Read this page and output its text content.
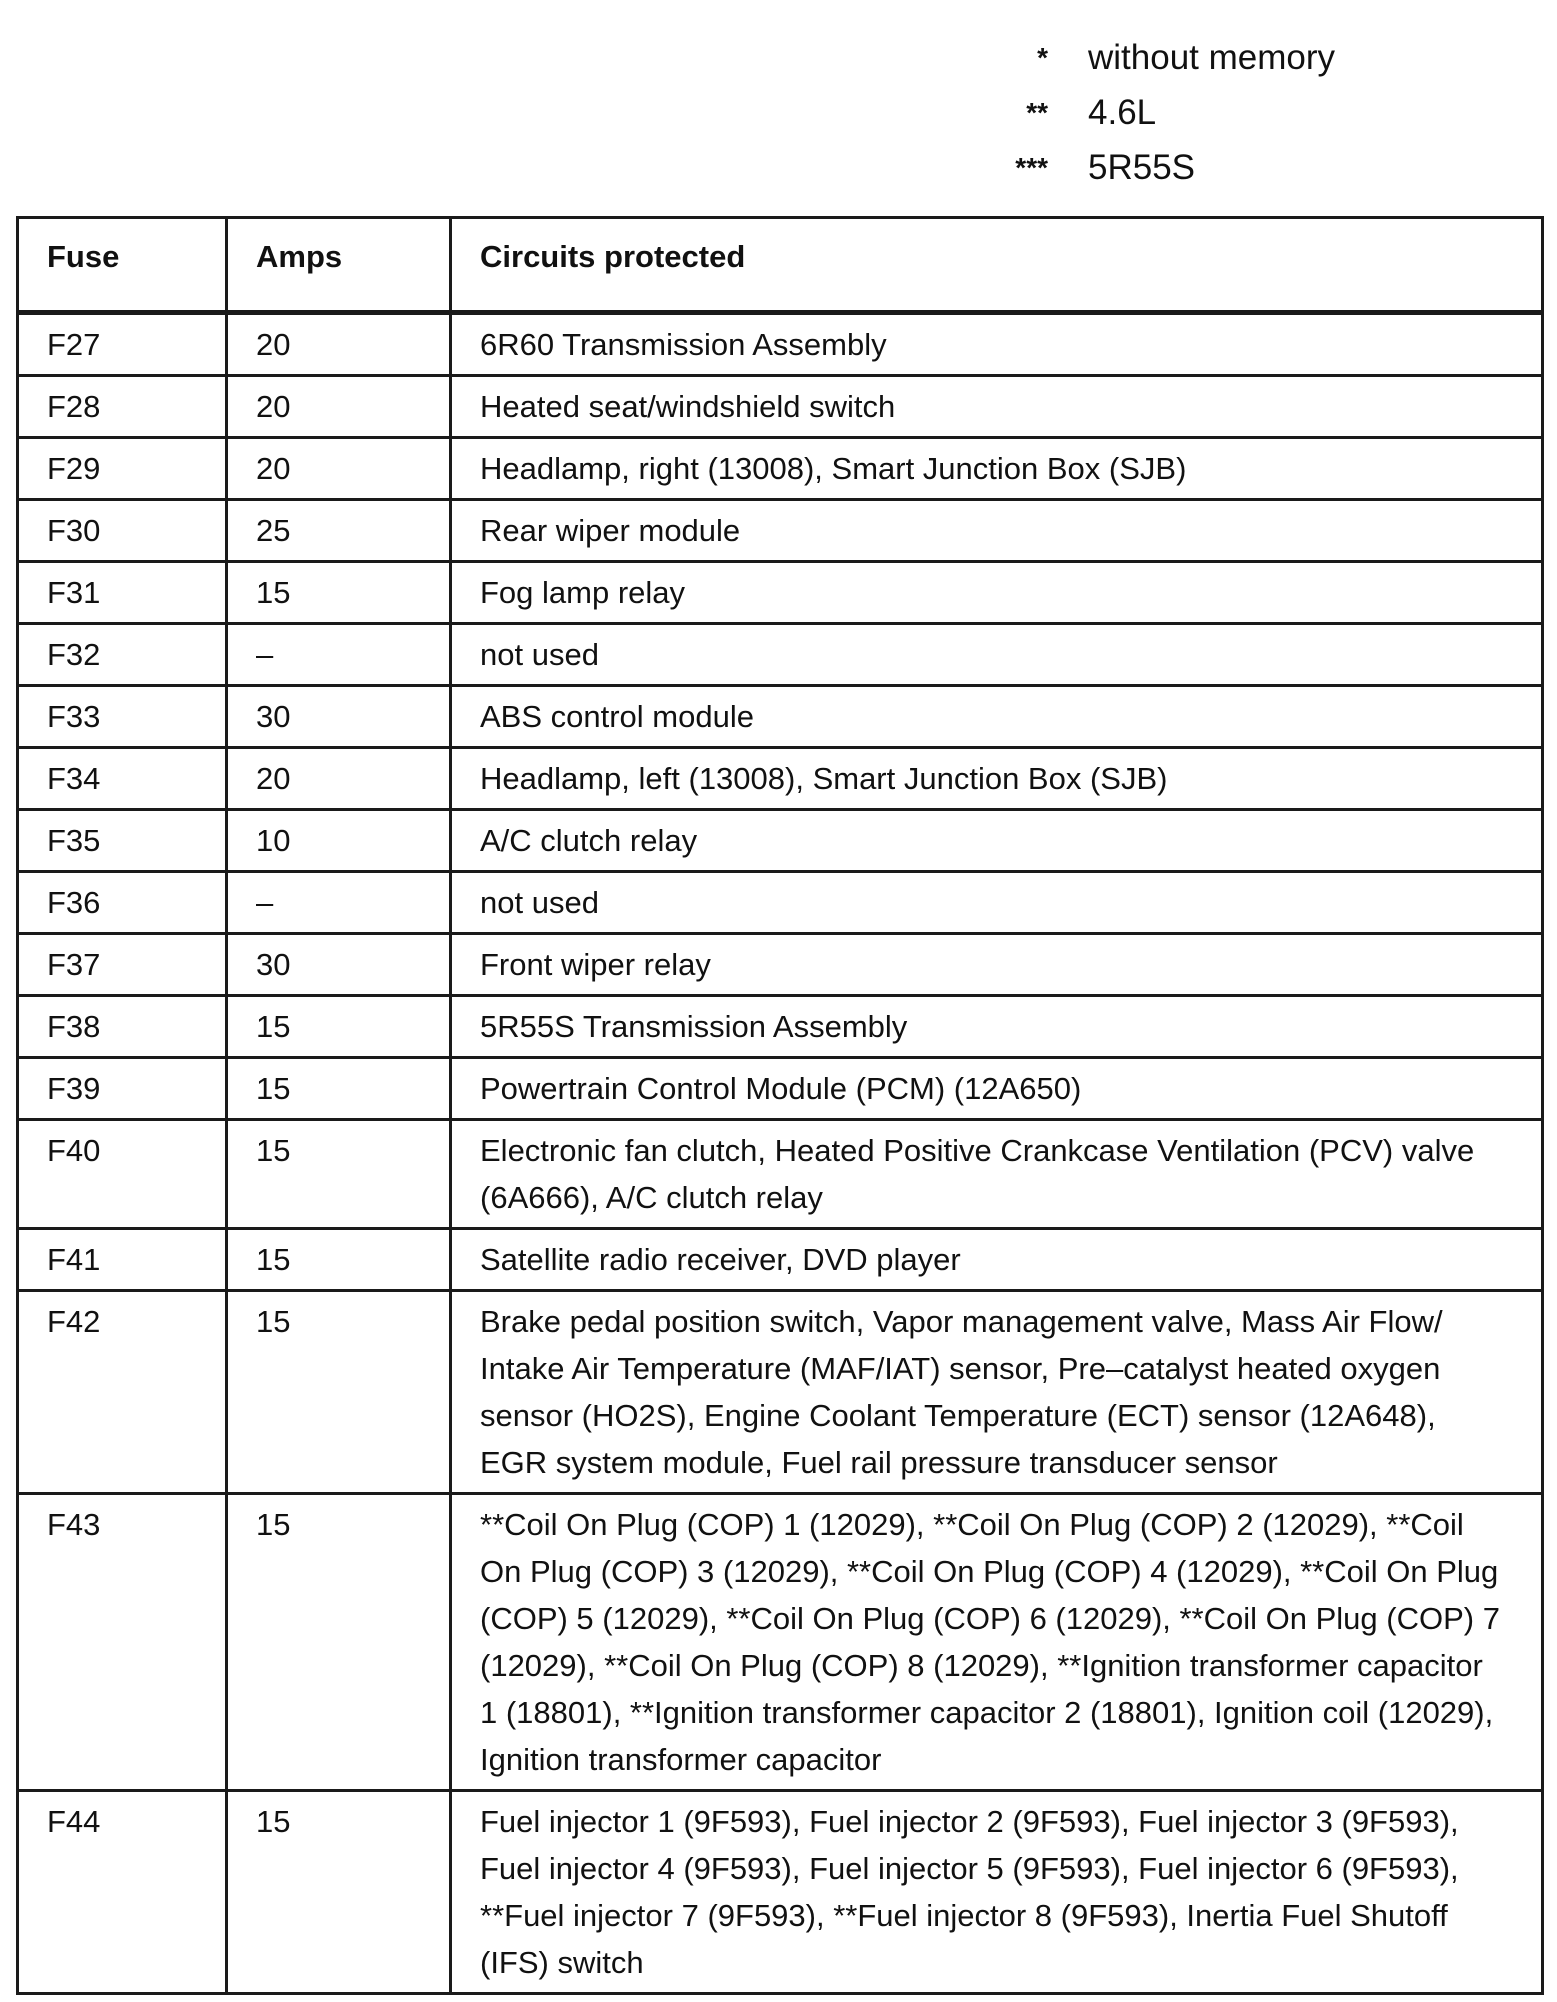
*	without memory
**	4.6L
***	5R55S
Fuse	Amps	Circuits protected
F27	20	6R60 Transmission Assembly
F28	20	Heated seat/windshield switch
F29	20	Headlamp, right (13008), Smart Junction Box (SJB)
F30	25	Rear wiper module
F31	15	Fog lamp relay
F32	–	not used
F33	30	ABS control module
F34	20	Headlamp, left (13008), Smart Junction Box (SJB)
F35	10	A/C clutch relay
F36	–	not used
F37	30	Front wiper relay
F38	15	5R55S Transmission Assembly
F39	15	Powertrain Control Module (PCM) (12A650)
F40	15	Electronic fan clutch, Heated Positive Crankcase Ventilation (PCV) valve (6A666), A/C clutch relay
F41	15	Satellite radio receiver, DVD player
F42	15	Brake pedal position switch, Vapor management valve, Mass Air Flow/ Intake Air Temperature (MAF/IAT) sensor, Pre–catalyst heated oxygen sensor (HO2S), Engine Coolant Temperature (ECT) sensor (12A648), EGR system module, Fuel rail pressure transducer sensor
F43	15	**Coil On Plug (COP) 1 (12029), **Coil On Plug (COP) 2 (12029), **Coil On Plug (COP) 3 (12029), **Coil On Plug (COP) 4 (12029), **Coil On Plug (COP) 5 (12029), **Coil On Plug (COP) 6 (12029), **Coil On Plug (COP) 7 (12029), **Coil On Plug (COP) 8 (12029), **Ignition transformer capacitor 1 (18801), **Ignition transformer capacitor 2 (18801), Ignition coil (12029), Ignition transformer capacitor
F44	15	Fuel injector 1 (9F593), Fuel injector 2 (9F593), Fuel injector 3 (9F593), Fuel injector 4 (9F593), Fuel injector 5 (9F593), Fuel injector 6 (9F593), **Fuel injector 7 (9F593), **Fuel injector 8 (9F593), Inertia Fuel Shutoff (IFS) switch
